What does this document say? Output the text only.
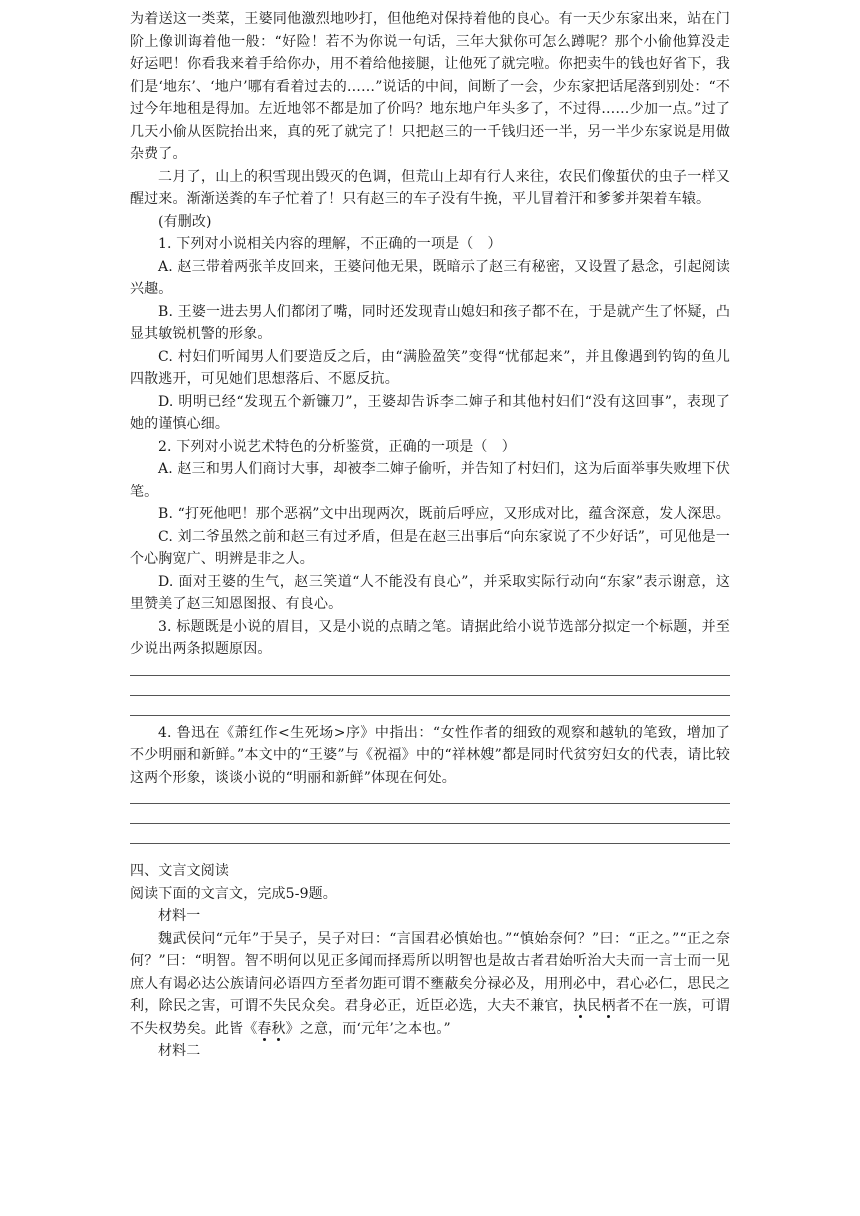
为着送这一类菜，王婆同他激烈地吵打，但他绝对保持着他的良心。有一天少东家出来，站在门阶上像训诲着他一般：“好险！若不为你说一句话，三年大狱你可怎么蹲呢？那个小偷他算没走好运吧！你看我来着手给你办，用不着给他接腿，让他死了就完啦。你把卖牛的钱也好省下，我们是‘地东’、‘地户’哪有看着过去的……”说话的中间，间断了一会，少东家把话尾落到别处：“不过今年地租是得加。左近地邻不都是加了价吗？地东地户年头多了，不过得……少加一点。”过了几天小偷从医院抬出来，真的死了就完了！只把赵三的一千钱归还一半，另一半少东家说是用做杂费了。

二月了，山上的积雪现出毁灭的色调，但荒山上却有行人来往，农民们像蜇伏的虫子一样又醒过来。渐渐送粪的车子忙着了！只有赵三的车子没有牛挽，平儿冒着汗和爹爹并架着车辕。

(有删改)

1. 下列对小说相关内容的理解，不正确的一项是（　）

A. 赵三带着两张羊皮回来，王婆问他无果，既暗示了赵三有秘密，又设置了悬念，引起阅读兴趣。

B. 王婆一进去男人们都闭了嘴，同时还发现青山媳妇和孩子都不在，于是就产生了怀疑，凸显其敏锐机警的形象。

C. 村妇们听闻男人们要造反之后，由“满脸盈笑”变得“忧郁起来”，并且像遇到钓钩的鱼儿四散逃开，可见她们思想落后、不愿反抗。

D. 明明已经“发现五个新镰刀”，王婆却告诉李二婶子和其他村妇们“没有这回事”，表现了她的谨慎心细。

2. 下列对小说艺术特色的分析鉴赏，正确的一项是（　）

A. 赵三和男人们商讨大事，却被李二婶子偷听，并告知了村妇们，这为后面举事失败埋下伏笔。

B. “打死他吧！那个恶祸”文中出现两次，既前后呼应，又形成对比，蕴含深意，发人深思。

C. 刘二爷虽然之前和赵三有过矛盾，但是在赵三出事后“向东家说了不少好话”，可见他是一个心胸宽广、明辨是非之人。

D. 面对王婆的生气，赵三笑道“人不能没有良心”，并采取实际行动向“东家”表示谢意，这里赞美了赵三知恩图报、有良心。

3. 标题既是小说的眉目，又是小说的点睛之笔。请据此给小说节选部分拟定一个标题，并至少说出两条拟题原因。

4. 鲁迅在《萧红作<生死场>序》中指出：“女性作者的细致的观察和越轨的笔致，增加了不少明丽和新鲜。”本文中的“王婆”与《祝福》中的“祥林嫂”都是同时代贫穷妇女的代表，请比较这两个形象，谈谈小说的“明丽和新鲜”体现在何处。

四、文言文阅读

阅读下面的文言文，完成5-9题。

材料一

魏武侯问“元年”于吴子，吴子对曰：“言国君必慎始也。”“慎始奈何？”曰：“正之。”“正之奈何？”曰：“明智。智不明何以见正多闻而择焉所以明智也是故古者君始听治大夫而一言士而一见庶人有谒必达公族请问必语四方至者勿距可谓不壅蔽矣分禄必及，用刑必中，君心必仁，思民之利，除民之害，可谓不失民众矣。君身必正，近臣必选，大夫不兼官，执民柄者不在一族，可谓不失权势矣。此皆《春秋》之意，而‘元年’之本也。”

材料二
